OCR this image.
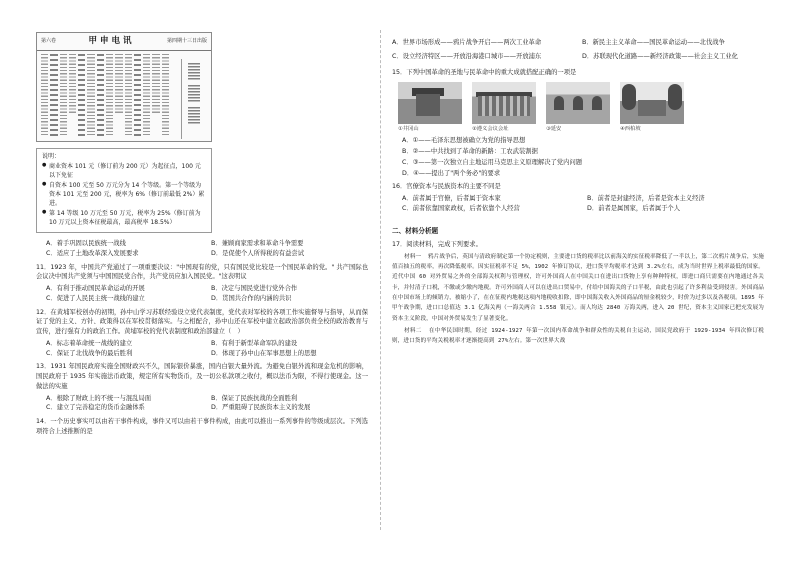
第六卷	甲申电讯	第四期十三日出版
说明：
● 商业资本 101 元（修订前为 200 元）为起征点，100 元以下免征
● 自资本 100 元至 50 万元分为 14 个等级。第一个等级为资本 101 元至 200 元，税率为 6%（修订前最低 2%）累进。
● 第 14 等级 10 万元至 50 万元，税率为 25%（修订前为 10 万元以上资本征税最高，最高税率 18.5%）
A．着手巩固以民族统一战线	B．兼顾商家需求和革命斗争需要
C．适应了土地改革深入发展要求	D．是促使个人所得税的有益尝试

11．1923 年，中国共产党通过了一项重要决议："中国现有的党，只有国民党比较是一个国民革命的党。" 共产国际也会议决中国共产党须与中国国民党合作，共产党员应加入国民党。"这表明议

A．有利于推动国民革命运动的开展	B．决定与国民党进行党外合作
C．促进了人民民主统一战线的建立	D．贯国共合作的内涵的共识

12．在黄埔军校创办的初期，孙中山学习苏联经验设立党代表制度，党代表对军校的各项工作实施督导与指导，从而保证了党的主义、方针、政策得以在军校贯彻落实。与之相配合，孙中山还在军校中建立起政治部负责全校的政治教育与宣传，进行强有力的政治工作。黄埔军校的党代表制度和政治部建立（　）

A．标志着革命统一战线的建立	B．有利于新型革命军队的建设
C．保证了北伐战争的最后胜利	D．体现了孙中山在军事思想上的思想

13．1931 年国民政府实施全国财政兴不久，国际银价暴涨，国内白银大量外流。为避免白银外流和现金危机的影响，国民政府于 1935 年实施法币政策，规定所有实物货币，及一切公私款项之收付，概以法币为限，不得行使现金。这一做法的实施

A．根除了财政上的不统一与混乱局面	B．保证了民族抗战的全面胜利
C．建立了完善稳定的货币金融体系	D．严重阻碍了民族资本主义的发展

14．一个历史事实可以由若干事件构成，事件又可以由若干事件构成，由此可以推出一系列事件的等级成层次。下列选项符合上述推断的是

A．世界市场形成——鸦片战争开启——两次工业革命	B．新民主主义革命——国民革命运动——北伐战争
C．设立经济特区——开放沿海港口城市——开放浦东	D．苏联现代化道路——新经济政策——社会主义工业化

15．下列中国革命的圣地与民革命中的重大成就搭配正确的一项是

①井冈山	②遵义会议会址	③延安	④西柏坡
A．①——毛泽东思想被确立为党的指导思想
B．②——中共找到了革命的新路：工农武装割据
C．③——第一次独立自主地运用马克思主义原理解决了党内问题
D．④——提出了"两个务必"的要求

16．官僚资本与民族资本的主要不同是

A．前者属于官僚，后者属于资本家	B．前者是封建经济，后者是资本主义经济
C．前者依靠国家政权，后者依靠个人经营	D．前者是属国家，后者属于个人
二、材料分析题

17．阅读材料，完成下列要求。

材料一 鸦片战争后，英国与清政府制定第一个协定税则，主要进口货的税率比以前海关的实征税率降低了一半以上，第二次鸦片战争后，实施值百抽五的税率，再次降低税率。因实征税率不足 5%，1902 年修订协议，进口货平均税率才达到 3.2%左右，成为当时世界上税率最低的国家。近代中国 60 对外贸易之外的全部海关权利与管理权，许可外国商人在中国关口在进出口货物上享有种种特权，即进口商只需要在内地通过各关卡，并付清子口税，不缴或少缴内地税。许可外国商人可以在进出口贸易中，付给中国海关的子口半税，由此也引起了许多利益受到侵害。外国商品在中国市场上的倾销力，被缩小了，在在征税内地税这项内地税收扣除，即中国海关收入外国商品的厘金税较少，时价为过多以及各税项。1895 年甲午战争期，进口口总值达 3.1 亿海关两（一海关两合 1.558 银元）。而人均达 2840 万海关两，进入 20 世纪，资本主义国家已把充发展为资本主义阶段，中国对外贸易发生了显著变化。

材料二 在中华民国时期，经过 1924-1927 年第一次国内革命战争和群众性的关税自主运动，国民党政府于 1929-1934 年四次修订税则，进口货的平均关税税率才逐渐提高到 27%左右。第一次世界大战
